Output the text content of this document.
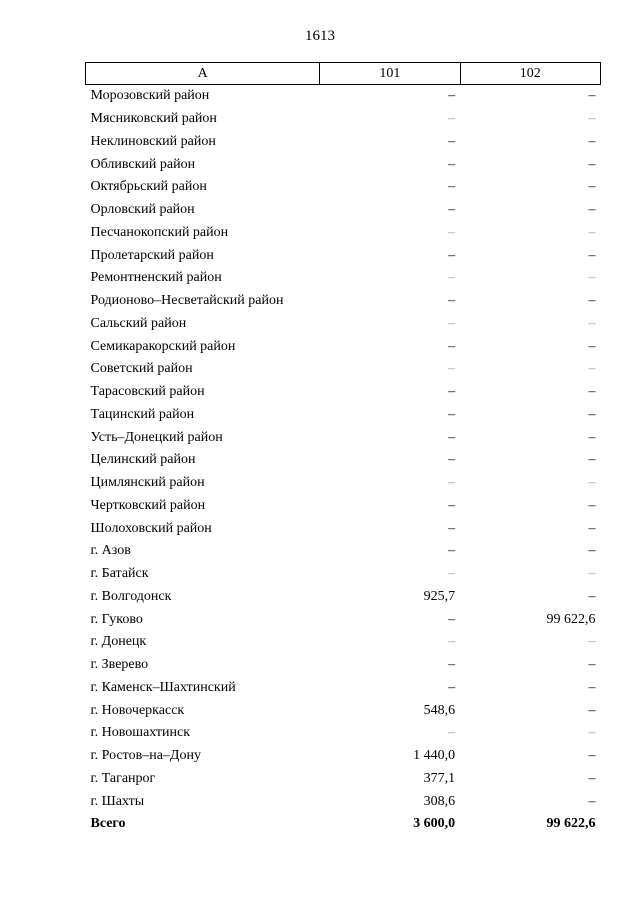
1613
А	101	102
Морозовский район	–	–
Мясниковский район	–	–
Неклиновский район	–	–
Обливский район	–	–
Октябрьский район	–	–
Орловский район	–	–
Песчанокопский район	–	–
Пролетарский район	–	–
Ремонтненский район	–	–
Родионово–Несветайский район	–	–
Сальский район	–	–
Семикаракорский район	–	–
Советский район	–	–
Тарасовский район	–	–
Тацинский район	–	–
Усть–Донецкий район	–	–
Целинский район	–	–
Цимлянский район	–	–
Чертковский район	–	–
Шолоховский район	–	–
г. Азов	–	–
г. Батайск	–	–
г. Волгодонск	925,7	–
г. Гуково	–	99 622,6
г. Донецк	–	–
г. Зверево	–	–
г. Каменск–Шахтинский	–	–
г. Новочеркасск	548,6	–
г. Новошахтинск	–	–
г. Ростов–на–Дону	1 440,0	–
г. Таганрог	377,1	–
г. Шахты	308,6	–
Всего	3 600,0	99 622,6
